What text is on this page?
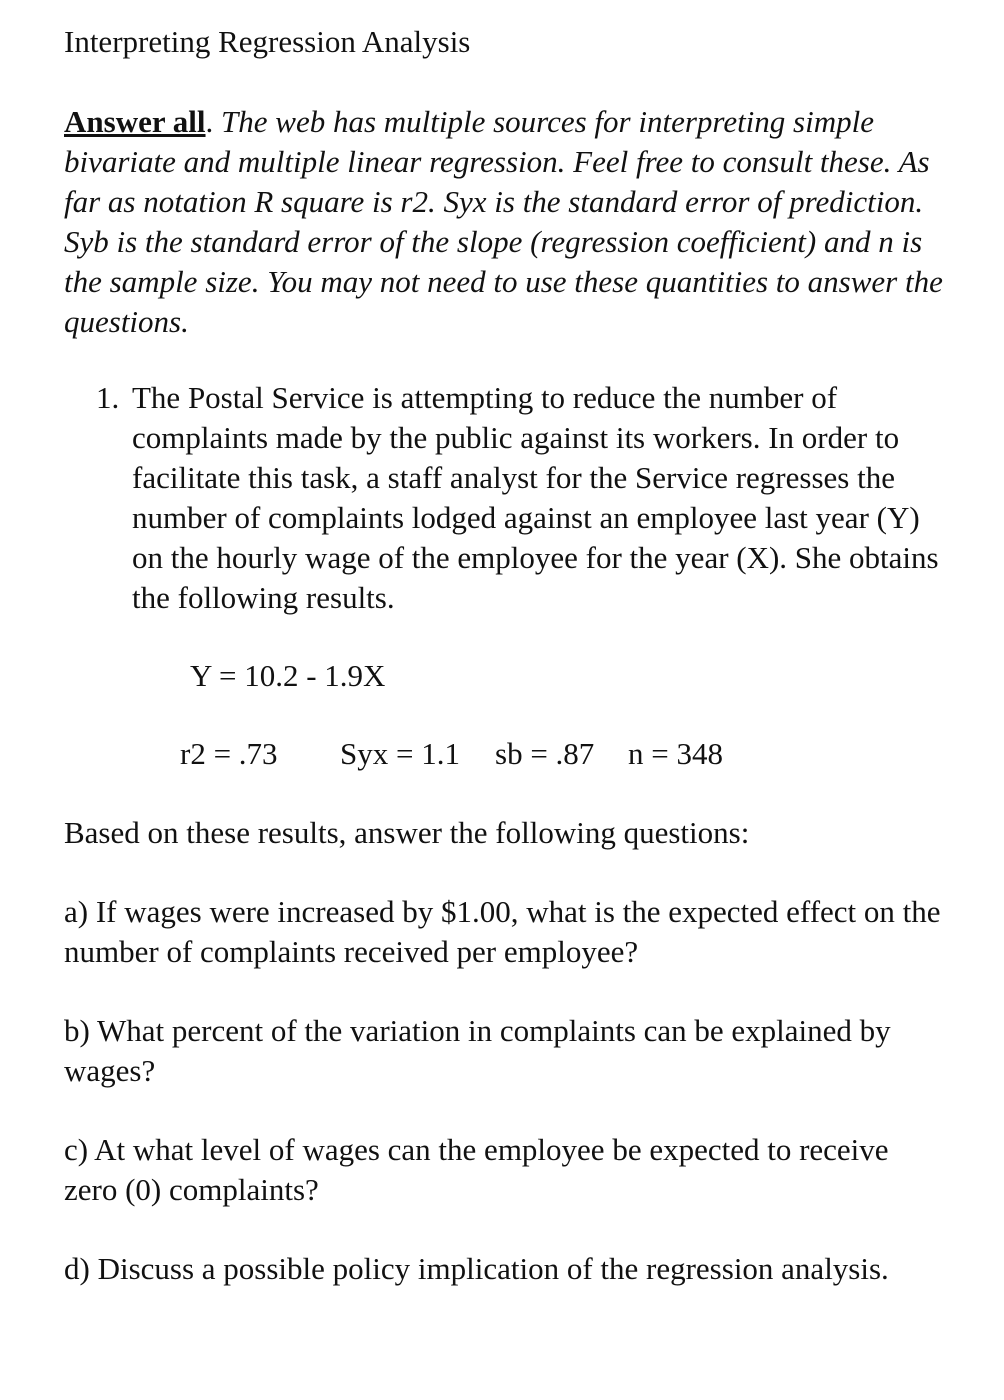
Interpreting Regression Analysis

Answer all. The web has multiple sources for interpreting simple bivariate and multiple linear regression. Feel free to consult these. As far as notation R square is r2. Syx is the standard error of prediction. Syb is the standard error of the slope (regression coefficient) and n is the sample size. You may not need to use these quantities to answer the questions.

1. The Postal Service is attempting to reduce the number of complaints made by the public against its workers. In order to facilitate this task, a staff analyst for the Service regresses the number of complaints lodged against an employee last year (Y) on the hourly wage of the employee for the year (X). She obtains the following results.

Y = 10.2 - 1.9X

r2 = .73 Syx = 1.1 sb = .87 n = 348

Based on these results, answer the following questions:

a) If wages were increased by $1.00, what is the expected effect on the number of complaints received per employee?

b) What percent of the variation in complaints can be explained by wages?

c) At what level of wages can the employee be expected to receive zero (0) complaints?

d) Discuss a possible policy implication of the regression analysis.
